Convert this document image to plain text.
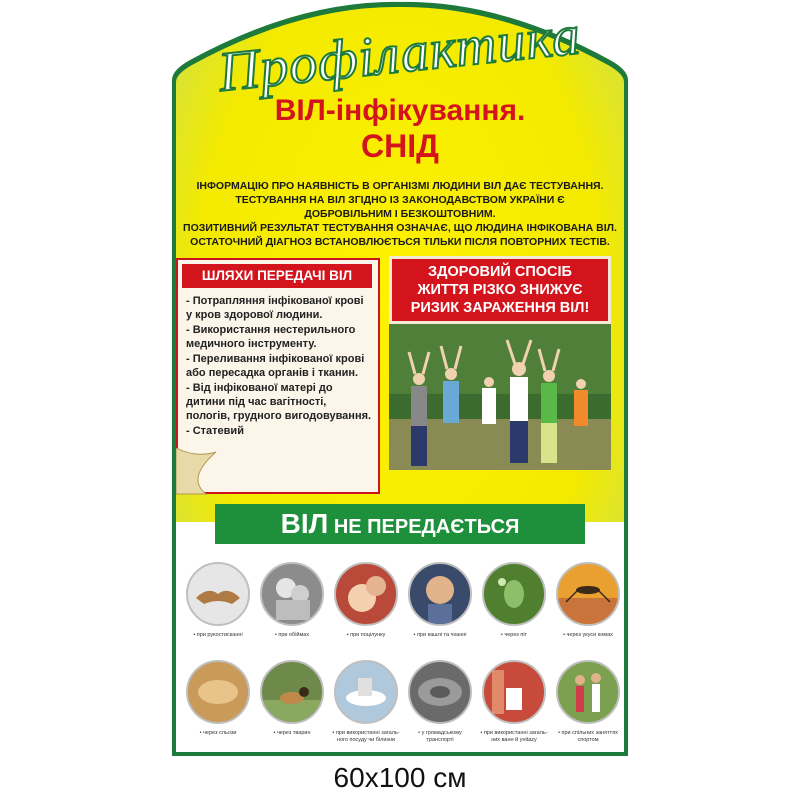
Профілактика
ВІЛ-інфікування.
СНІД
ІНФОРМАЦІЮ ПРО НАЯВНІСТЬ В ОРГАНІЗМІ ЛЮДИНИ ВІЛ ДАЄ ТЕСТУВАННЯ.
ТЕСТУВАННЯ НА ВІЛ ЗГІДНО ІЗ ЗАКОНОДАВСТВОМ УКРАЇНИ Є
ДОБРОВІЛЬНИМ І БЕЗКОШТОВНИМ.
ПОЗИТИВНИЙ РЕЗУЛЬТАТ ТЕСТУВАННЯ ОЗНАЧАЄ, ЩО ЛЮДИНА ІНФІКОВАНА ВІЛ.
ОСТАТОЧНИЙ ДІАГНОЗ ВСТАНОВЛЮЄТЬСЯ ТІЛЬКИ ПІСЛЯ ПОВТОРНИХ ТЕСТІВ.
ШЛЯХИ ПЕРЕДАЧІ ВІЛ
- Потрапляння інфікованої крові у кров здорової людини.
- Використання нестерильного медичного інструменту.
- Переливання інфікованої крові або пересадка органів і тканин.
- Від інфікованої матері до дитини під час вагітності, пологів, грудного вигодовування.
- Статевий
ЗДОРОВИЙ СПОСІБ
ЖИТТЯ РІЗКО ЗНИЖУЄ
РИЗИК ЗАРАЖЕННЯ ВІЛ!
ВІЛ НЕ ПЕРЕДАЄТЬСЯ
• при рукостисканні	• при обіймах	• при поцілунку	• при кашлі та чханні	• через піт	• через укуси комах
• через сльози	• через тварин	• при використанні загаль-ного посуду чи білизни
• у громадському транспорті
• при використанні загаль-них ванн й уніtazу
• при спільних заняттях спортом
60x100 см
